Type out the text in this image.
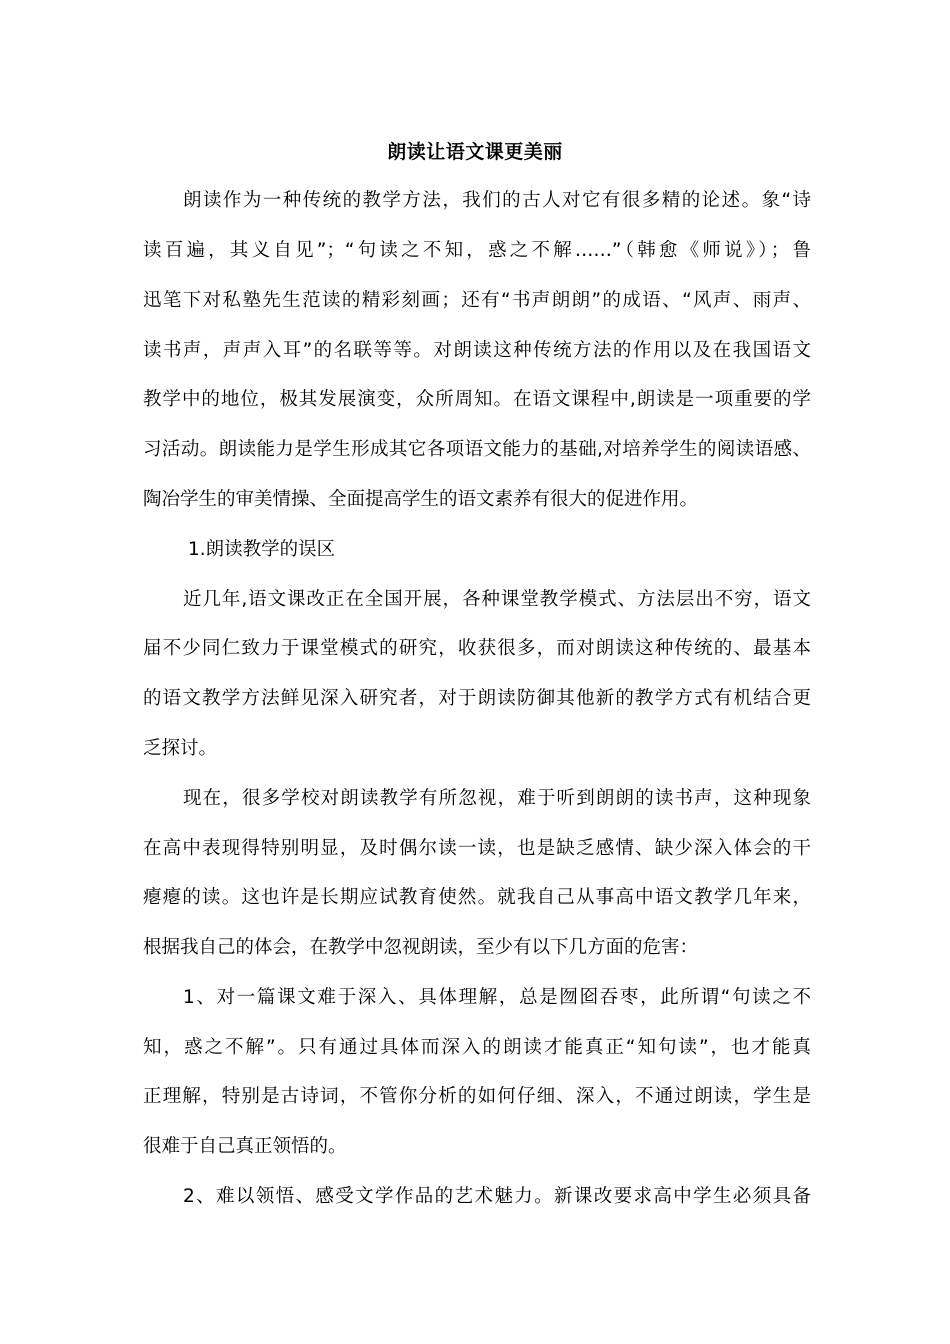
朗读让语文课更美丽

朗读作为一种传统的教学方法，我们的古人对它有很多精的论述。象“诗

读百遍，其义自见”；“句读之不知，惑之不解……”（韩愈《师说》）；鲁

迅笔下对私塾先生范读的精彩刻画；还有“书声朗朗”的成语、“风声、雨声、

读书声，声声入耳”的名联等等。对朗读这种传统方法的作用以及在我国语文

教学中的地位，极其发展演变，众所周知。在语文课程中,朗读是一项重要的学

习活动。朗读能力是学生形成其它各项语文能力的基础,对培养学生的阅读语感、

陶冶学生的审美情操、全面提高学生的语文素养有很大的促进作用。

1.朗读教学的误区

近几年,语文课改正在全国开展，各种课堂教学模式、方法层出不穷，语文

届不少同仁致力于课堂模式的研究，收获很多，而对朗读这种传统的、最基本

的语文教学方法鲜见深入研究者，对于朗读防御其他新的教学方式有机结合更

乏探讨。

现在，很多学校对朗读教学有所忽视，难于听到朗朗的读书声，这种现象

在高中表现得特别明显，及时偶尔读一读，也是缺乏感情、缺少深入体会的干

瘪瘪的读。这也许是长期应试教育使然。就我自己从事高中语文教学几年来，

根据我自己的体会，在教学中忽视朗读，至少有以下几方面的危害：

1、对一篇课文难于深入、具体理解，总是囫囵吞枣，此所谓“句读之不

知，惑之不解”。只有通过具体而深入的朗读才能真正“知句读”，也才能真

正理解，特别是古诗词，不管你分析的如何仔细、深入，不通过朗读，学生是

很难于自己真正领悟的。

2、难以领悟、感受文学作品的艺术魅力。新课改要求高中学生必须具备
